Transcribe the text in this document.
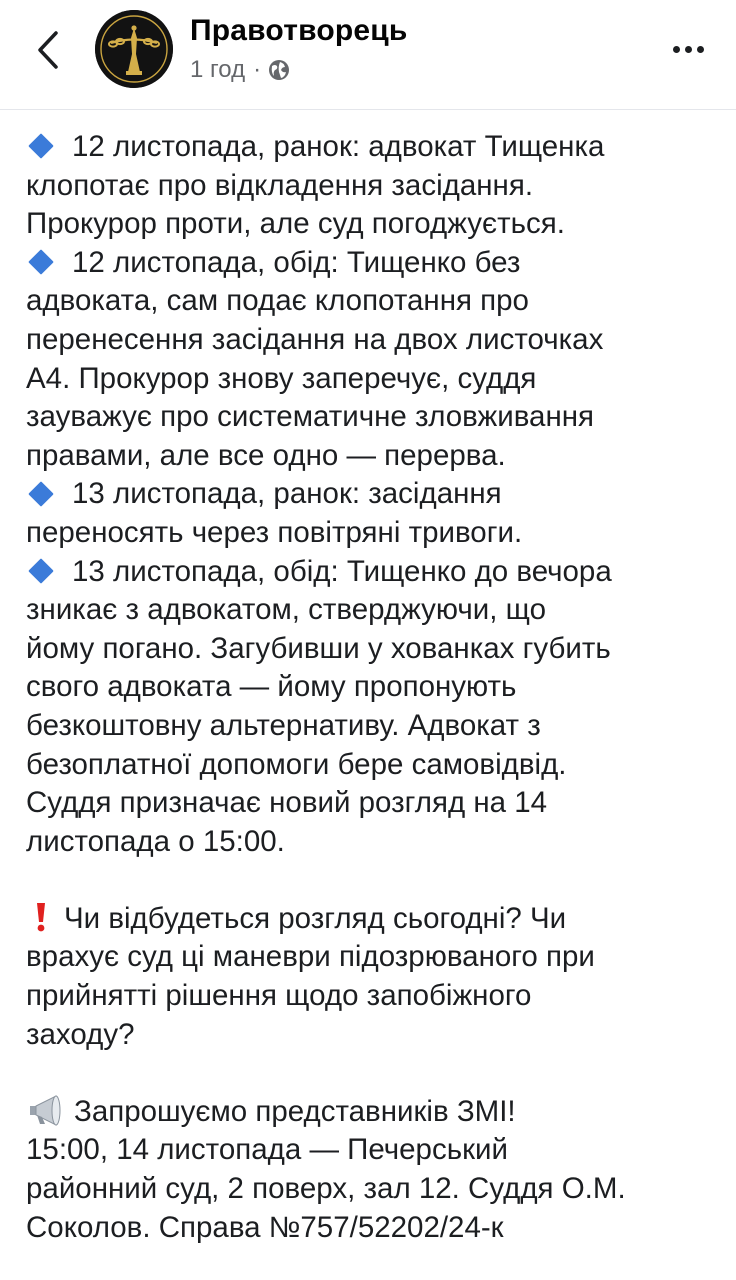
Правотворець
1 год ·
12 листопада, ранок: адвокат Тищенка
клопотає про відкладення засідання.
Прокурор проти, але суд погоджується.
12 листопада, обід: Тищенко без
адвоката, сам подає клопотання про
перенесення засідання на двох листочках
А4. Прокурор знову заперечує, суддя
зауважує про систематичне зловживання
правами, але все одно — перерва.
13 листопада, ранок: засідання
переносять через повітряні тривоги.
13 листопада, обід: Тищенко до вечора
зникає з адвокатом, стверджуючи, що
йому погано. Загубивши у хованках губить
свого адвоката — йому пропонують
безкоштовну альтернативу. Адвокат з
безоплатної допомоги бере самовідвід.
Суддя призначає новий розгляд на 14
листопада о 15:00.
Чи відбудеться розгляд сьогодні? Чи
врахує суд ці маневри підозрюваного при
прийнятті рішення щодо запобіжного
заходу?
Запрошуємо представників ЗМІ!
15:00, 14 листопада — Печерський
районний суд, 2 поверх, зал 12. Суддя О.М.
Соколов. Справа №757/52202/24-к
